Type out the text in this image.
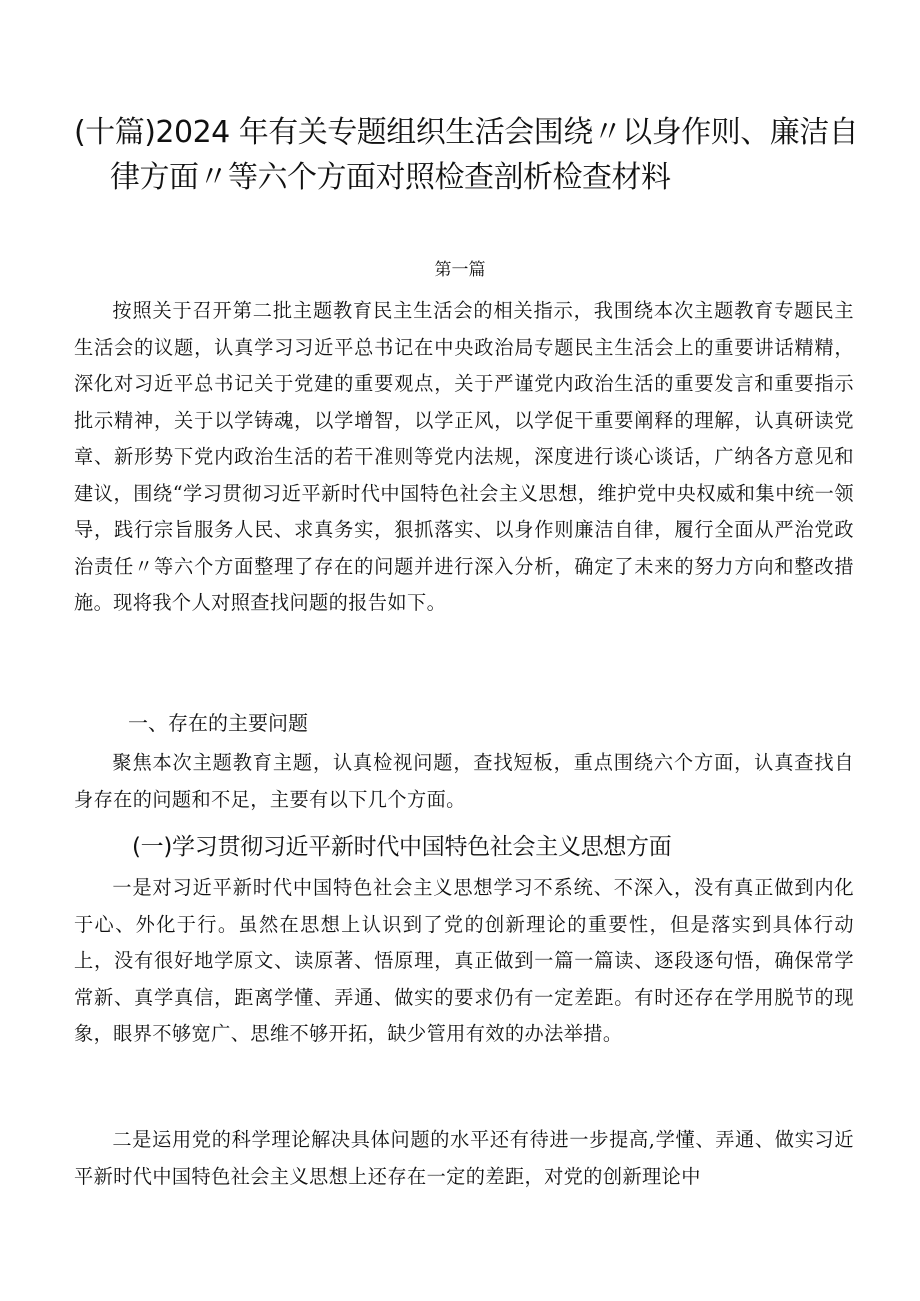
(十篇)2024 年有关专题组织生活会围绕〃以身作则、廉洁自
律方面〃等六个方面对照检查剖析检查材料
第一篇

按照关于召开第二批主题教育民主生活会的相关指示，我围绕本次主题教育专题民主生活会的议题，认真学习习近平总书记在中央政治局专题民主生活会上的重要讲话精精，深化对习近平总书记关于党建的重要观点，关于严谨党内政治生活的重要发言和重要指示批示精神，关于以学铸魂，以学增智，以学正风，以学促干重要阐释的理解，认真研读党章、新形势下党内政治生活的若干准则等党内法规，深度进行谈心谈话，广纳各方意见和建议，围绕“学习贯彻习近平新时代中国特色社会主义思想，维护党中央权威和集中统一领导，践行宗旨服务人民、求真务实，狠抓落实、以身作则廉洁自律，履行全面从严治党政治责任〃等六个方面整理了存在的问题并进行深入分析，确定了未来的努力方向和整改措施。现将我个人对照查找问题的报告如下。

一、存在的主要问题

聚焦本次主题教育主题，认真检视问题，查找短板，重点围绕六个方面，认真查找自身存在的问题和不足，主要有以下几个方面。

(一)学习贯彻习近平新时代中国特色社会主义思想方面

一是对习近平新时代中国特色社会主义思想学习不系统、不深入，没有真正做到内化于心、外化于行。虽然在思想上认识到了党的创新理论的重要性，但是落实到具体行动上，没有很好地学原文、读原著、悟原理，真正做到一篇一篇读、逐段逐句悟，确保常学常新、真学真信，距离学懂、弄通、做实的要求仍有一定差距。有时还存在学用脱节的现象，眼界不够宽广、思维不够开拓，缺少管用有效的办法举措。

二是运用党的科学理论解决具体问题的水平还有待进一步提高,学懂、弄通、做实习近平新时代中国特色社会主义思想上还存在一定的差距，对党的创新理论中
